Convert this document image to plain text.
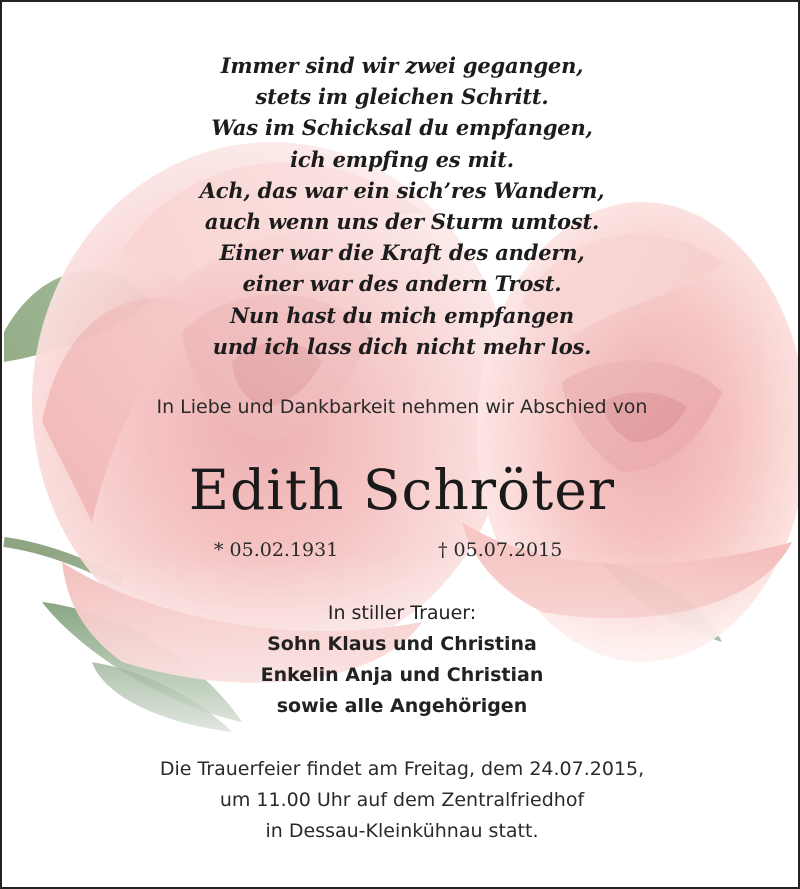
Immer sind wir zwei gegangen,
stets im gleichen Schritt.
Was im Schicksal du empfangen,
ich empfing es mit.
Ach, das war ein sich’res Wandern,
auch wenn uns der Sturm umtost.
Einer war die Kraft des andern,
einer war des andern Trost.
Nun hast du mich empfangen
und ich lass dich nicht mehr los.
In Liebe und Dankbarkeit nehmen wir Abschied von
Edith Schröter
* 05.02.1931	† 05.07.2015
In stiller Trauer:
Sohn Klaus und Christina
Enkelin Anja und Christian
sowie alle Angehörigen
Die Trauerfeier findet am Freitag, dem 24.07.2015,
um 11.00 Uhr auf dem Zentralfriedhof
in Dessau-Kleinkühnau statt.
